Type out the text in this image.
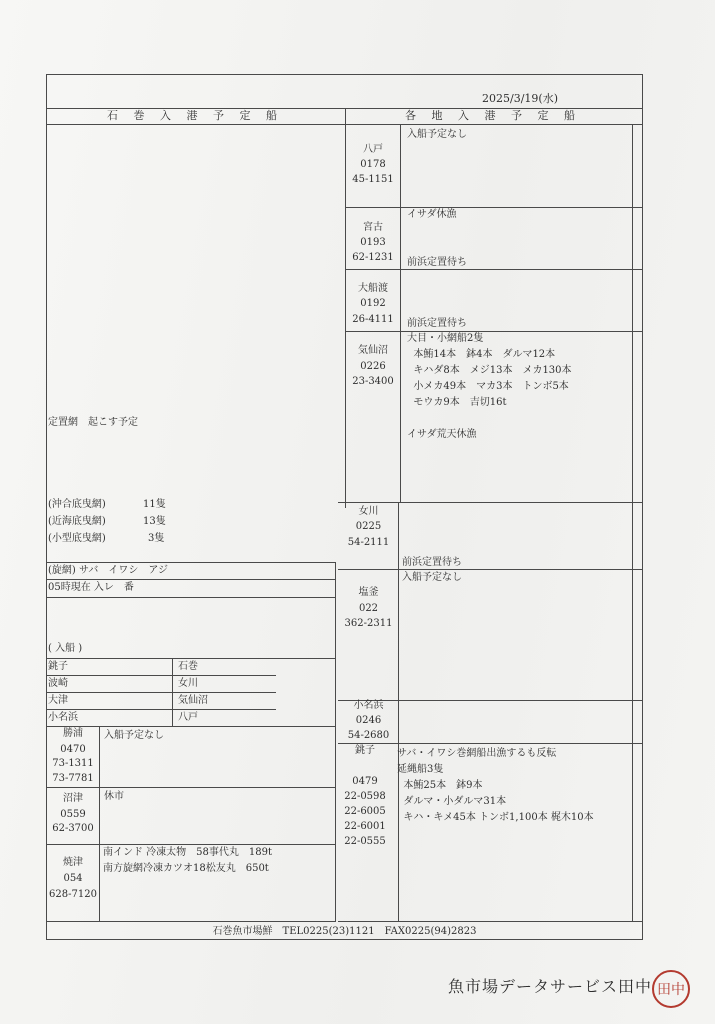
2025/3/19(水)
石 巻 入 港 予 定 船	各 地 入 港 予 定 船
定置網　起こす予定
(沖合底曳網)	11隻
(近海底曳網)	13隻
(小型底曳網)	3隻
(旋網) サバ　イワシ　アジ
05時現在 入レ　番
( 入船 )
銚子	石巻
波崎	女川
大津	気仙沼
小名浜	八戸
勝浦
0470
73-1311
73-7781
入船予定なし
沼津
0559
62-3700
休市
焼津
054
628-7120
南インド 冷凍太物　58事代丸　189t
南方旋網冷凍カツオ18松友丸　650t
八戸
0178
45-1151
入船予定なし
宮古
0193
62-1231
イサダ休漁

前浜定置待ち
大船渡
0192
26-4111	

前浜定置待ち
気仙沼
0226
23-3400
大目・小網船2隻
本鮪14本　鉢4本　ダルマ12本
キハダ8本　メジ13本　メカ130本
小メカ49本　マカ3本　トンボ5本
モウカ9本　吉切16t

イサダ荒天休漁
女川
0225
54-2111

前浜定置待ち
塩釜
022
362-2311
入船予定なし
小名浜
0246
54-2680
銚子
0479
22-0598
22-6005
22-6001
22-0555
サバ・イワシ巻網船出漁するも反転
延縄船3隻
本鮪25本　鉢9本
ダルマ・小ダルマ31本
キハ・キメ45本 トンボ1,100本 梶木10本
石巻魚市場鮮　TEL0225(23)1121　FAX0225(94)2823
魚市場データサービス田中 田中
